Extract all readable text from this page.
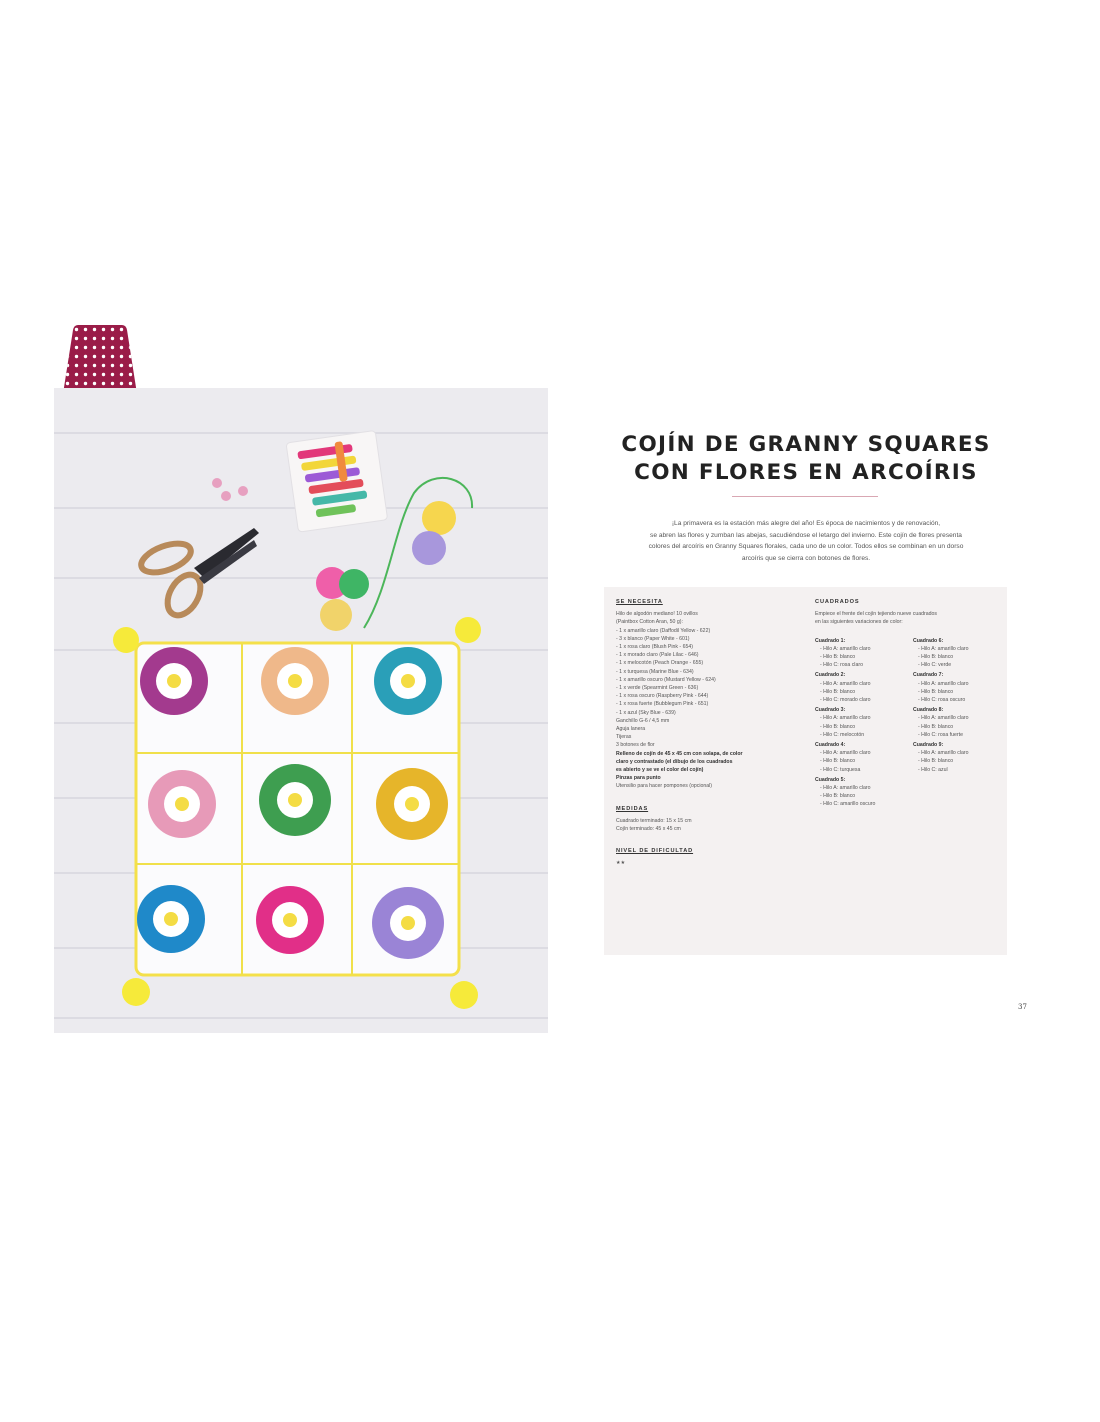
COJÍN DE GRANNY SQUARES
CON FLORES EN ARCOÍRIS
¡La primavera es la estación más alegre del año! Es época de nacimientos y de renovación,
se abren las flores y zumban las abejas, sacudiéndose el letargo del invierno. Este cojín de flores presenta
colores del arcoíris en Granny Squares florales, cada uno de un color. Todos ellos se combinan en un dorso
arcoíris que se cierra con botones de flores.
SE NECESITA
Hilo de algodón mediano! 10 ovillos
(Paintbox Cotton Aran, 50 g):
- 1 x amarillo claro (Daffodil Yellow - 622)
- 3 x blanco (Paper White - 601)
- 1 x rosa claro (Blush Pink - 654)
- 1 x morado claro (Pale Lilac - 646)
- 1 x melocotón (Peach Orange - 655)
- 1 x turquesa (Marine Blue - 634)
- 1 x amarillo oscuro (Mustard Yellow - 624)
- 1 x verde (Spearmint Green - 636)
- 1 x rosa oscuro (Raspberry Pink - 644)
- 1 x rosa fuerte (Bubblegum Pink - 651)
- 1 x azul (Sky Blue - 639)
Ganchillo G-6 / 4,5 mm
Aguja lanera
Tijeras
3 botones de flor
Relleno de cojín de 45 x 45 cm con solapa, de color
claro y contrastado (el dibujo de los cuadrados
es abierto y se ve el color del cojín)
Pinzas para punto
Utensilio para hacer pompones (opcional)
MEDIDAS
Cuadrado terminado: 15 x 15 cm
Cojín terminado: 45 x 45 cm
NIVEL DE DIFICULTAD
★★
CUADRADOS
Empiece el frente del cojín tejiendo nueve cuadrados
en las siguientes variaciones de color:
Cuadrado 1:
- Hilo A: amarillo claro
- Hilo B: blanco
- Hilo C: rosa claro
Cuadrado 2:
- Hilo A: amarillo claro
- Hilo B: blanco
- Hilo C: morado claro
Cuadrado 3:
- Hilo A: amarillo claro
- Hilo B: blanco
- Hilo C: melocotón
Cuadrado 4:
- Hilo A: amarillo claro
- Hilo B: blanco
- Hilo C: turquesa
Cuadrado 5:
- Hilo A: amarillo claro
- Hilo B: blanco
- Hilo C: amarillo oscuro
Cuadrado 6:
- Hilo A: amarillo claro
- Hilo B: blanco
- Hilo C: verde
Cuadrado 7:
- Hilo A: amarillo claro
- Hilo B: blanco
- Hilo C: rosa oscuro
Cuadrado 8:
- Hilo A: amarillo claro
- Hilo B: blanco
- Hilo C: rosa fuerte
Cuadrado 9:
- Hilo A: amarillo claro
- Hilo B: blanco
- Hilo C: azul
37
